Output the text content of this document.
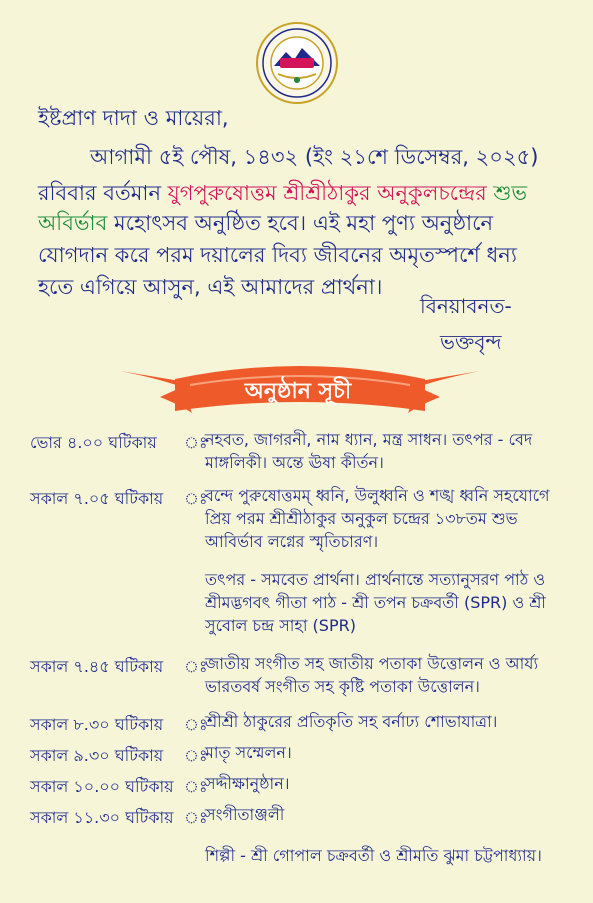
ইষ্টপ্রাণ দাদা ও মায়েরা,
আগামী ৫ই পৌষ, ১৪৩২ (ইং ২১শে ডিসেম্বর, ২০২৫)
রবিবার বর্তমান যুগপুরুষোত্তম শ্রীশ্রীঠাকুর অনুকুলচন্দ্রের শুভ
অবির্ভাব মহোৎসব অনুষ্ঠিত হবে। এই মহা পুণ্য অনুষ্ঠানে
যোগদান করে পরম দয়ালের দিব্য জীবনের অমৃতস্পর্শে ধন্য
হতে এগিয়ে আসুন, এই আমাদের প্রার্থনা।
বিনয়াবনত-
ভক্তবৃন্দ
অনুষ্ঠান সূচী
ভোর ৪.০০ ঘটিকায় ঃ
নহবত, জাগরনী, নাম ধ্যান, মন্ত্র সাধন। তৎপর - বেদ মাঙ্গলিকী। অন্তে ঊষা কীর্তন।
সকাল ৭.০৫ ঘটিকায় ঃ
বন্দে পুরুষোত্তমম্ ধ্বনি, উলুধ্বনি ও শঙ্খ ধ্বনি সহযোগে প্রিয় পরম শ্রীশ্রীঠাকুর অনুকুল চন্দ্রের ১৩৮তম শুভ আবির্ভাব লগ্নের স্মৃতিচারণ।
তৎপর - সমবেত প্রার্থনা। প্রার্থনান্তে সত্যানুসরণ পাঠ ও শ্রীমদ্ভগবৎ গীতা পাঠ - শ্রী তপন চক্রবর্তী (SPR) ও শ্রী সুবোল চন্দ্র সাহা (SPR)
সকাল ৭.৪৫ ঘটিকায় ঃ
জাতীয় সংগীত সহ জাতীয় পতাকা উত্তোলন ও আর্য্য ভারতবর্ষ সংগীত সহ কৃষ্টি পতাকা উত্তোলন।
সকাল ৮.৩০ ঘটিকায় ঃ
শ্রীশ্রী ঠাকুরের প্রতিকৃতি সহ বর্নাঢ্য শোভাযাত্রা।
সকাল ৯.৩০ ঘটিকায় ঃ
মাতৃ সম্মেলন।
সকাল ১০.০০ ঘটিকায় ঃ
সদ্দীক্ষানুষ্ঠান।
সকাল ১১.৩০ ঘটিকায় ঃ
সংগীতাঞ্জলী
শিল্পী - শ্রী গোপাল চক্রবর্তী ও শ্রীমতি ঝুমা চট্টপাধ্যায়।
